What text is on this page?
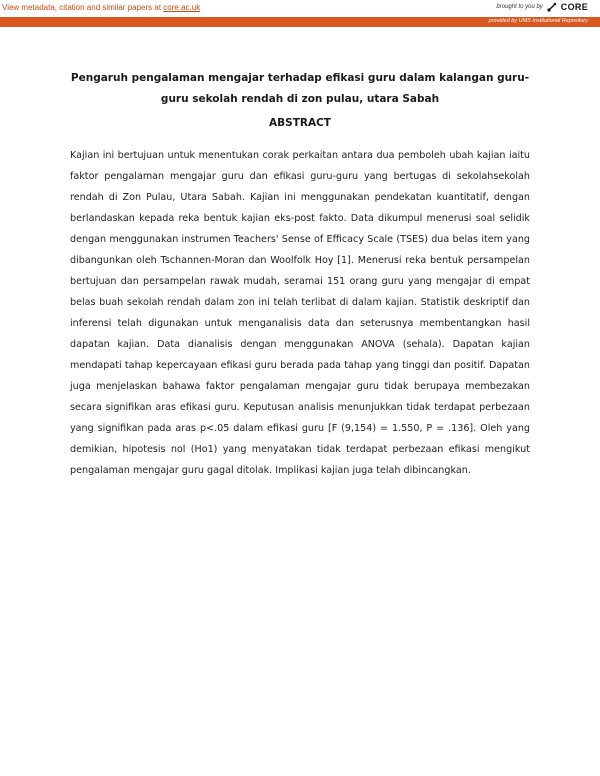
View metadata, citation and similar papers at core.ac.uk	brought to you by CORE
provided by UMS Institutional Repository
Pengaruh pengalaman mengajar terhadap efikasi guru dalam kalangan guru-guru sekolah rendah di zon pulau, utara Sabah
ABSTRACT
Kajian ini bertujuan untuk menentukan corak perkaitan antara dua pemboleh ubah kajian iaitu faktor pengalaman mengajar guru dan efikasi guru-guru yang bertugas di sekolahsekolah rendah di Zon Pulau, Utara Sabah. Kajian ini menggunakan pendekatan kuantitatif, dengan berlandaskan kepada reka bentuk kajian eks-post fakto. Data dikumpul menerusi soal selidik dengan menggunakan instrumen Teachers' Sense of Efficacy Scale (TSES) dua belas item yang dibangunkan oleh Tschannen-Moran dan Woolfolk Hoy [1]. Menerusi reka bentuk persampelan bertujuan dan persampelan rawak mudah, seramai 151 orang guru yang mengajar di empat belas buah sekolah rendah dalam zon ini telah terlibat di dalam kajian. Statistik deskriptif dan inferensi telah digunakan untuk menganalisis data dan seterusnya membentangkan hasil dapatan kajian. Data dianalisis dengan menggunakan ANOVA (sehala). Dapatan kajian mendapati tahap kepercayaan efikasi guru berada pada tahap yang tinggi dan positif. Dapatan juga menjelaskan bahawa faktor pengalaman mengajar guru tidak berupaya membezakan secara signifikan aras efikasi guru. Keputusan analisis menunjukkan tidak terdapat perbezaan yang signifikan pada aras p<.05 dalam efikasi guru [F (9,154) = 1.550, P = .136]. Oleh yang demikian, hipotesis nol (Ho1) yang menyatakan tidak terdapat perbezaan efikasi mengikut pengalaman mengajar guru gagal ditolak. Implikasi kajian juga telah dibincangkan.
